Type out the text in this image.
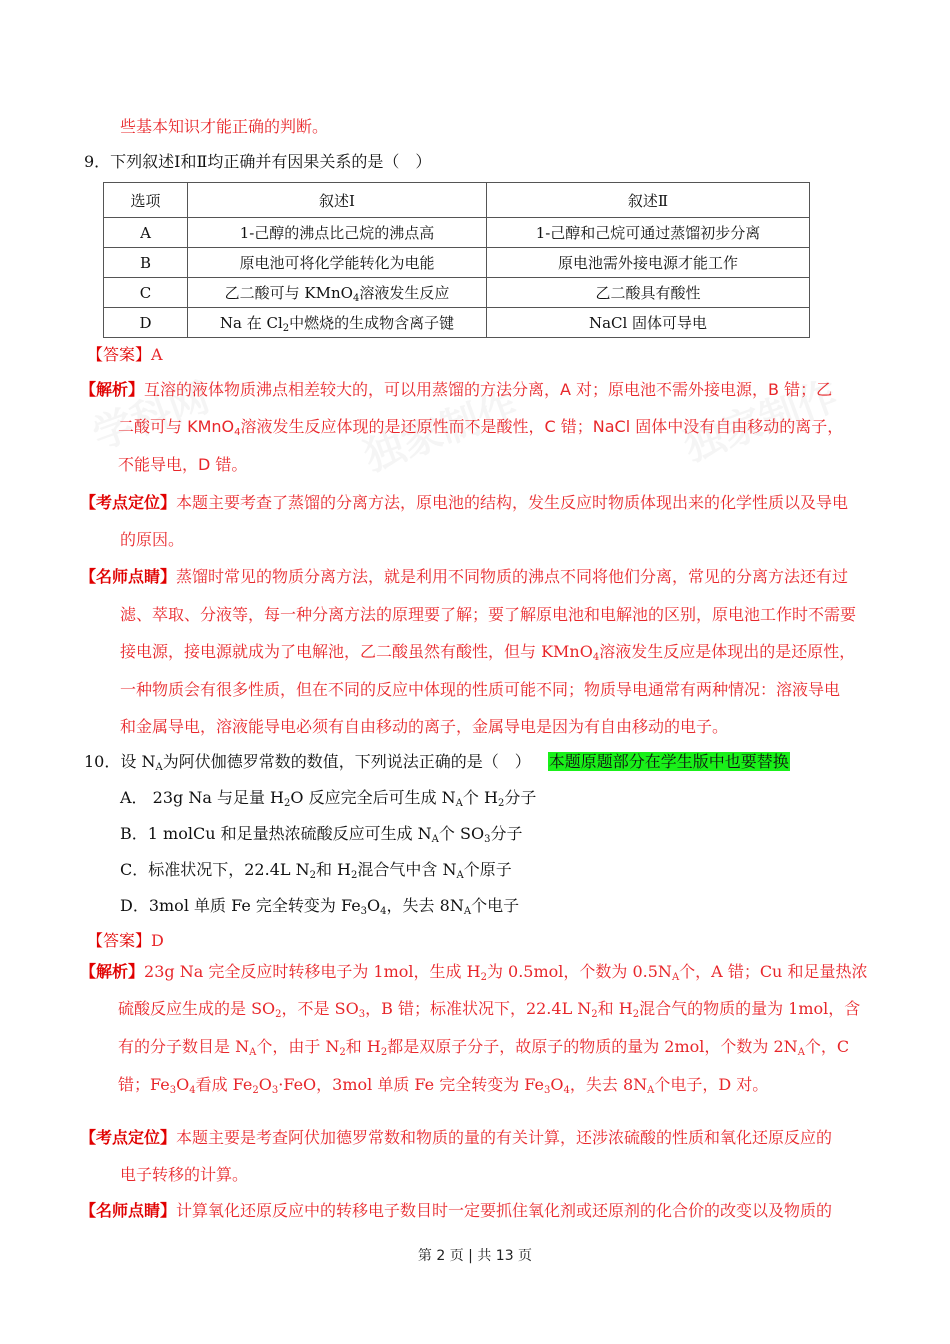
些基本知识才能正确的判断。
9．下列叙述Ⅰ和Ⅱ均正确并有因果关系的是（　）
选项	叙述Ⅰ	叙述Ⅱ
A	1-己醇的沸点比己烷的沸点高	1-己醇和己烷可通过蒸馏初步分离
B	原电池可将化学能转化为电能	原电池需外接电源才能工作
C	乙二酸可与 KMnO$_4$溶液发生反应	乙二酸具有酸性
D	Na 在 $Cl_2$中燃烧的生成物含离子键	NaCl 固体可导电
【答案】A
【解析】互溶的液体物质沸点相差较大的，可以用蒸馏的方法分离，A 对；原电池不需外接电源，B 错；乙
二酸可与 KMnO$_4$溶液发生反应体现的是还原性而不是酸性，C 错；NaCl 固体中没有自由移动的离子，
不能导电，D 错。
【考点定位】本题主要考查了蒸馏的分离方法，原电池的结构，发生反应时物质体现出来的化学性质以及导电
的原因。
【名师点睛】蒸馏时常见的物质分离方法，就是利用不同物质的沸点不同将他们分离，常见的分离方法还有过
滤、萃取、分液等，每一种分离方法的原理要了解；要了解原电池和电解池的区别，原电池工作时不需要
接电源，接电源就成为了电解池，乙二酸虽然有酸性，但与 KMnO$_4$溶液发生反应是体现出的是还原性，
一种物质会有很多性质，但在不同的反应中体现的性质可能不同；物质导电通常有两种情况：溶液导电
和金属导电，溶液能导电必须有自由移动的离子，金属导电是因为有自由移动的电子。
10．设 $N_A$为阿伏伽德罗常数的数值，下列说法正确的是（　） 本题原题部分在学生版中也要替换
A． 23g Na 与足量 $H_2O$ 反应完全后可生成 $N_A$个 $H_2$分子
B．1 molCu 和足量热浓硫酸反应可生成 $N_A$个 $SO_3$分子
C．标准状况下，22.4L $N_2$和 $H_2$混合气中含 $N_A$个原子
D．3mol 单质 Fe 完全转变为 $Fe_3O_4$，失去 $8N_A$个电子
【答案】D
【解析】23g Na 完全反应时转移电子为 1mol，生成 $H_2$为 0.5mol，个数为 $0.5N_A$个，A 错；Cu 和足量热浓
硫酸反应生成的是 $SO_2$，不是 $SO_3$，B 错；标准状况下，22.4L $N_2$和 $H_2$混合气的物质的量为 1mol，含
有的分子数目是 $N_A$个，由于 $N_2$和 $H_2$都是双原子分子，故原子的物质的量为 2mol，个数为 $2N_A$个，C
错；$Fe_3O_4$看成 $Fe_2O_3\cdot FeO$，3mol 单质 Fe 完全转变为 $Fe_3O_4$，失去 $8N_A$个电子，D 对。
【考点定位】本题主要是考查阿伏加德罗常数和物质的量的有关计算，还涉浓硫酸的性质和氧化还原反应的
电子转移的计算。
【名师点睛】计算氧化还原反应中的转移电子数目时一定要抓住氧化剂或还原剂的化合价的改变以及物质的
第 2 页 | 共 13 页
